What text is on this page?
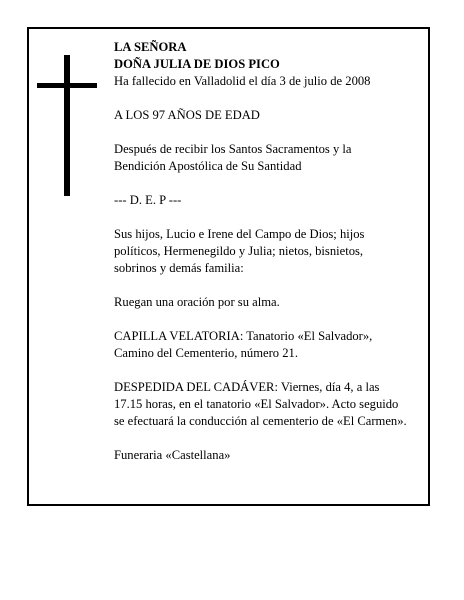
LA SEÑORA

DOÑA JULIA DE DIOS PICO

Ha fallecido en Valladolid el día 3 de julio de 2008

A LOS 97 AÑOS DE EDAD

Después de recibir los Santos Sacramentos y la

Bendición Apostólica de Su Santidad

--- D. E. P ---

Sus hijos, Lucio e Irene del Campo de Dios; hijos

políticos, Hermenegildo y Julia; nietos, bisnietos,

sobrinos y demás familia:

Ruegan una oración por su alma.

CAPILLA VELATORIA: Tanatorio «El Salvador»,

Camino del Cementerio, número 21.

DESPEDIDA DEL CADÁVER: Viernes, día 4, a las

17.15 horas, en el tanatorio «El Salvador». Acto seguido

se efectuará la conducción al cementerio de «El Carmen».

Funeraria «Castellana»
